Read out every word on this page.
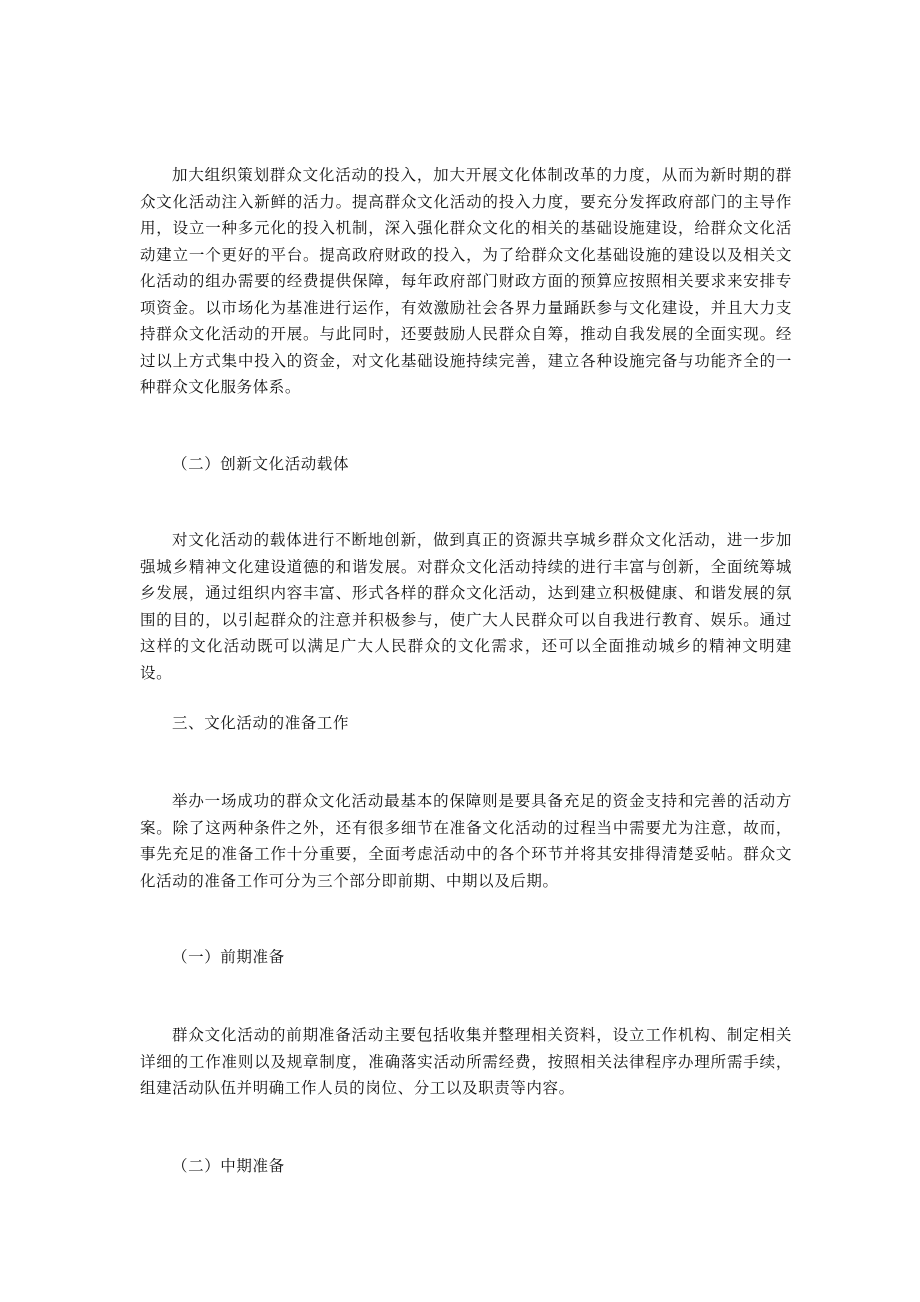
加大组织策划群众文化活动的投入，加大开展文化体制改革的力度，从而为新时期的群众文化活动注入新鲜的活力。提高群众文化活动的投入力度，要充分发挥政府部门的主导作用，设立一种多元化的投入机制，深入强化群众文化的相关的基础设施建设，给群众文化活动建立一个更好的平台。提高政府财政的投入，为了给群众文化基础设施的建设以及相关文化活动的组办需要的经费提供保障，每年政府部门财政方面的预算应按照相关要求来安排专项资金。以市场化为基准进行运作，有效激励社会各界力量踊跃参与文化建设，并且大力支持群众文化活动的开展。与此同时，还要鼓励人民群众自筹，推动自我发展的全面实现。经过以上方式集中投入的资金，对文化基础设施持续完善，建立各种设施完备与功能齐全的一种群众文化服务体系。

（二）创新文化活动载体

对文化活动的载体进行不断地创新，做到真正的资源共享城乡群众文化活动，进一步加强城乡精神文化建设道德的和谐发展。对群众文化活动持续的进行丰富与创新，全面统筹城乡发展，通过组织内容丰富、形式各样的群众文化活动，达到建立积极健康、和谐发展的氛围的目的，以引起群众的注意并积极参与，使广大人民群众可以自我进行教育、娱乐。通过这样的文化活动既可以满足广大人民群众的文化需求，还可以全面推动城乡的精神文明建设。

三、文化活动的准备工作

举办一场成功的群众文化活动最基本的保障则是要具备充足的资金支持和完善的活动方案。除了这两种条件之外，还有很多细节在准备文化活动的过程当中需要尤为注意，故而，事先充足的准备工作十分重要，全面考虑活动中的各个环节并将其安排得清楚妥帖。群众文化活动的准备工作可分为三个部分即前期、中期以及后期。

（一）前期准备

群众文化活动的前期准备活动主要包括收集并整理相关资料，设立工作机构、制定相关详细的工作准则以及规章制度，准确落实活动所需经费，按照相关法律程序办理所需手续，组建活动队伍并明确工作人员的岗位、分工以及职责等内容。

（二）中期准备
